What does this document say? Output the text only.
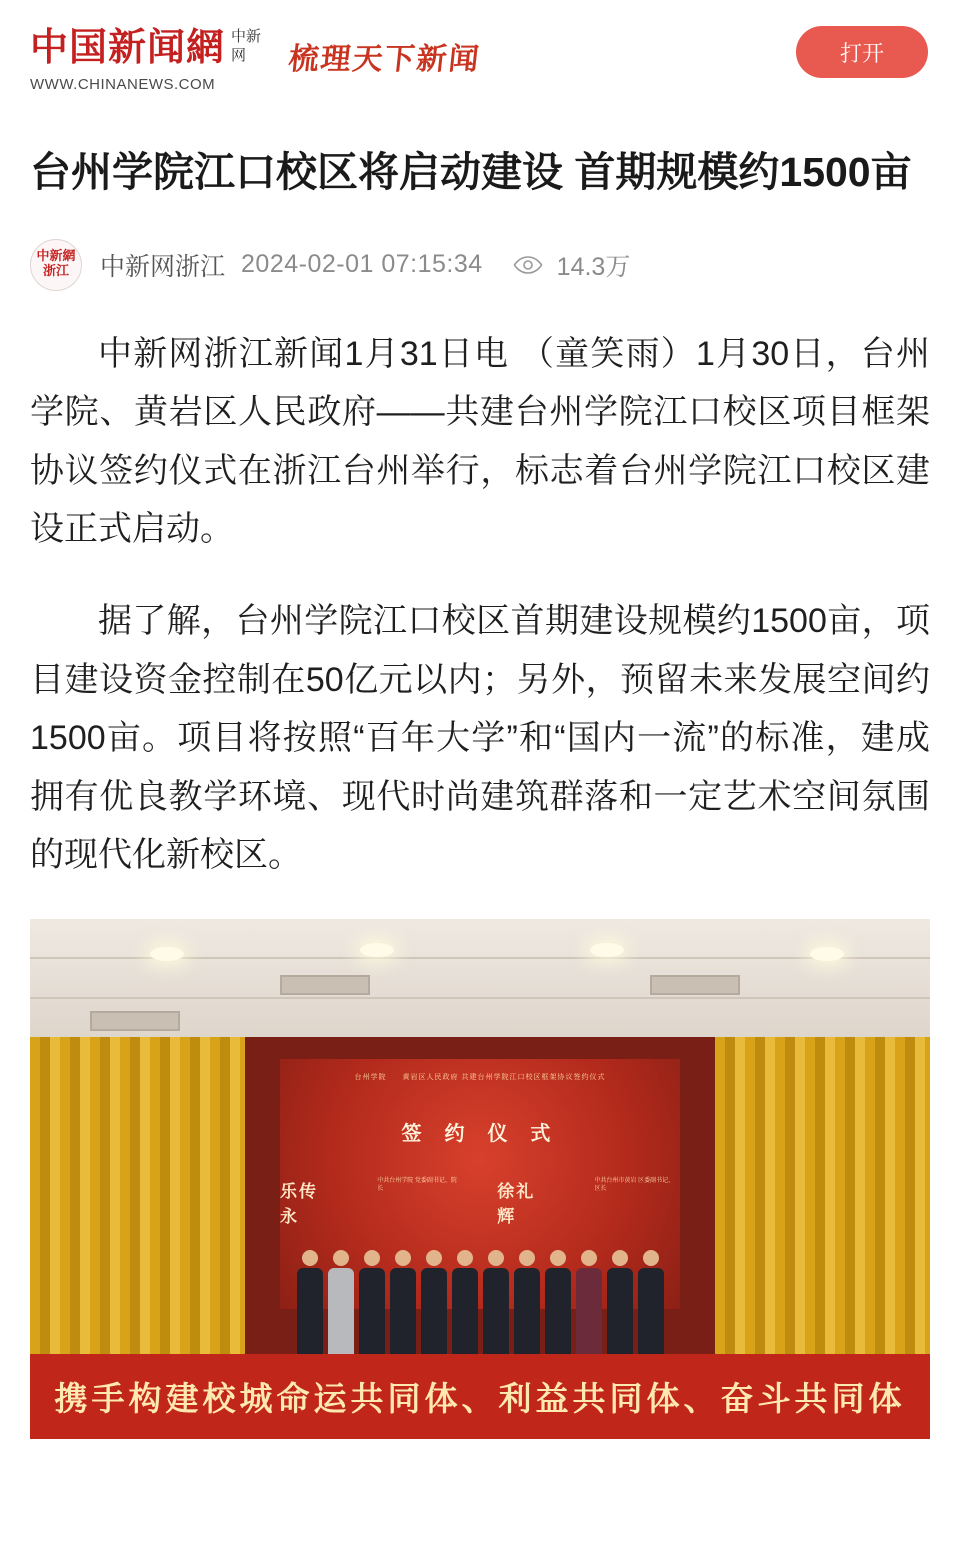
中国新闻網 中新
网
WWW.CHINANEWS.COM
梳理天下新闻	打开
台州学院江口校区将启动建设 首期规模约1500亩
中新網
浙江 中新网浙江 2024-02-01 07:15:34	14.3万

中新网浙江新闻1月31日电 （童笑雨）1月30日，台州学院、黄岩区人民政府——共建台州学院江口校区项目框架协议签约仪式在浙江台州举行，标志着台州学院江口校区建设正式启动。

据了解，台州学院江口校区首期建设规模约1500亩，项目建设资金控制在50亿元以内；另外，预留未来发展空间约1500亩。项目将按照“百年大学”和“国内一流”的标准，建成拥有优良教学环境、现代时尚建筑群落和一定艺术空间氛围的现代化新校区。

台州学院　　黄岩区人民政府 共建台州学院江口校区框架协议签约仪式
签 约 仪 式
乐传永
中共台州学院 党委副书记、院长	徐礼辉
中共台州市黄岩 区委副书记、区长
携手构建校城命运共同体、利益共同体、奋斗共同体
